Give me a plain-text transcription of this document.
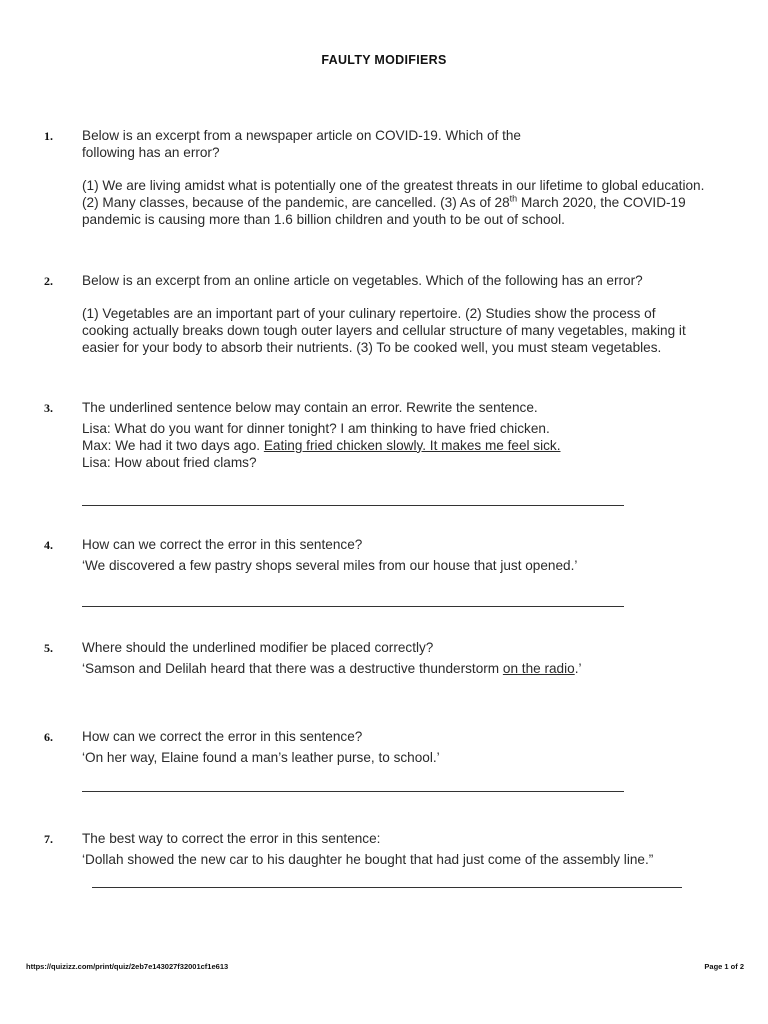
FAULTY MODIFIERS
1. Below is an excerpt from a newspaper article on COVID-19. Which of the

following has an error?

(1) We are living amidst what is potentially one of the greatest threats in our lifetime to global education. (2) Many classes, because of the pandemic, are cancelled. (3) As of 28th March 2020, the COVID-19 pandemic is causing more than 1.6 billion children and youth to be out of school.

2. Below is an excerpt from an online article on vegetables. Which of the following has an error?

(1) Vegetables are an important part of your culinary repertoire. (2) Studies show the process of cooking actually breaks down tough outer layers and cellular structure of many vegetables, making it easier for your body to absorb their nutrients. (3) To be cooked well, you must steam vegetables.

3. The underlined sentence below may contain an error. Rewrite the sentence.

Lisa: What do you want for dinner tonight? I am thinking to have fried chicken.

Max: We had it two days ago. Eating fried chicken slowly. It makes me feel sick.

Lisa: How about fried clams?

4. How can we correct the error in this sentence?

‘We discovered a few pastry shops several miles from our house that just opened.’

5. Where should the underlined modifier be placed correctly?

‘Samson and Delilah heard that there was a destructive thunderstorm on the radio.’

6. How can we correct the error in this sentence?

‘On her way, Elaine found a man’s leather purse, to school.’

7. The best way to correct the error in this sentence:

‘Dollah showed the new car to his daughter he bought that had just come of the assembly line.”

https://quizizz.com/print/quiz/2eb7e143027f32001cf1e613	Page 1 of 2
